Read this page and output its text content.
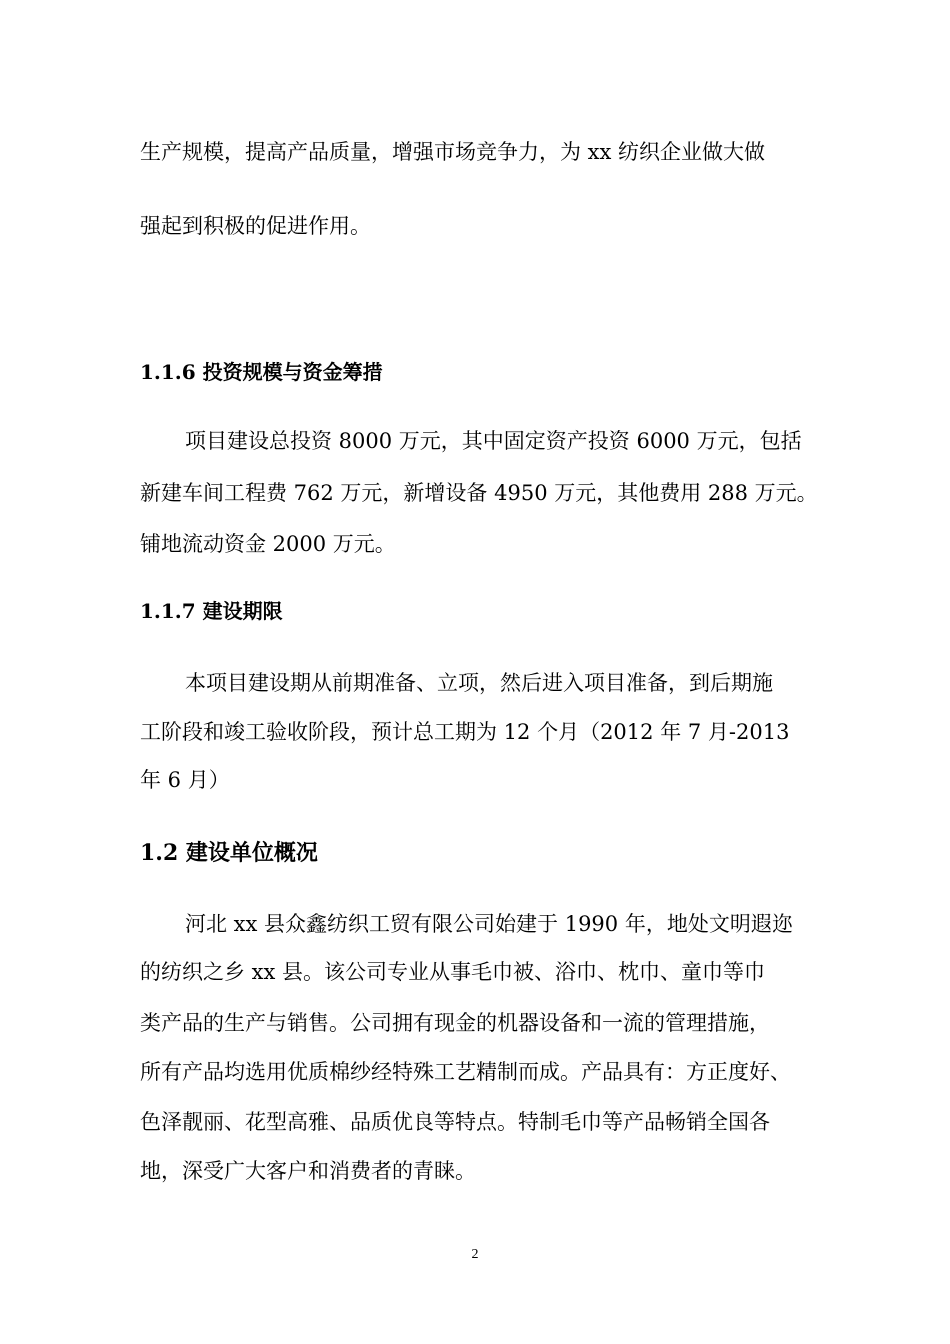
生产规模，提高产品质量，增强市场竞争力，为 xx 纺织企业做大做
强起到积极的促进作用。
1.1.6 投资规模与资金筹措
项目建设总投资 8000 万元，其中固定资产投资 6000 万元，包括
新建车间工程费 762 万元，新增设备 4950 万元，其他费用 288 万元。
铺地流动资金 2000 万元。
1.1.7 建设期限
本项目建设期从前期准备、立项，然后进入项目准备，到后期施
工阶段和竣工验收阶段，预计总工期为 12 个月（2012 年 7 月-2013
年 6 月）
1.2 建设单位概况
河北 xx 县众鑫纺织工贸有限公司始建于 1990 年，地处文明遐迩
的纺织之乡 xx 县。该公司专业从事毛巾被、浴巾、枕巾、童巾等巾
类产品的生产与销售。公司拥有现金的机器设备和一流的管理措施，
所有产品均选用优质棉纱经特殊工艺精制而成。产品具有：方正度好、
色泽靓丽、花型高雅、品质优良等特点。特制毛巾等产品畅销全国各
地，深受广大客户和消费者的青睐。
2
